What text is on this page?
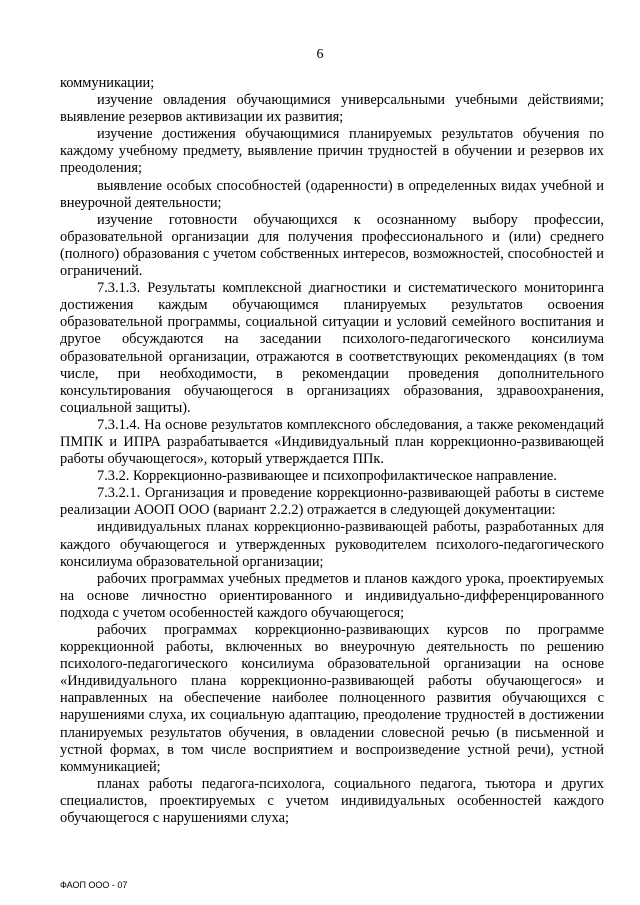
6

коммуникации;

изучение овладения обучающимися универсальными учебными действиями; выявление резервов активизации их развития;

изучение достижения обучающимися планируемых результатов обучения по каждому учебному предмету, выявление причин трудностей в обучении и резервов их преодоления;

выявление особых способностей (одаренности) в определенных видах учебной и внеурочной деятельности;

изучение готовности обучающихся к осознанному выбору профессии, образовательной организации для получения профессионального и (или) среднего (полного) образования с учетом собственных интересов, возможностей, способностей и ограничений.

7.3.1.3. Результаты комплексной диагностики и систематического мониторинга достижения каждым обучающимся планируемых результатов освоения образовательной программы, социальной ситуации и условий семейного воспитания и другое обсуждаются на заседании психолого-педагогического консилиума образовательной организации, отражаются в соответствующих рекомендациях (в том числе, при необходимости, в рекомендации проведения дополнительного консультирования обучающегося в организациях образования, здравоохранения, социальной защиты).

7.3.1.4. На основе результатов комплексного обследования, а также рекомендаций ПМПК и ИПРА разрабатывается «Индивидуальный план коррекционно-развивающей работы обучающегося», который утверждается ППк.

7.3.2. Коррекционно-развивающее и психопрофилактическое направление.

7.3.2.1. Организация и проведение коррекционно-развивающей работы в системе реализации АООП ООО (вариант 2.2.2) отражается в следующей документации:

индивидуальных планах коррекционно-развивающей работы, разработанных для каждого обучающегося и утвержденных руководителем психолого-педагогического консилиума образовательной организации;

рабочих программах учебных предметов и планов каждого урока, проектируемых на основе личностно ориентированного и индивидуально-дифференцированного подхода с учетом особенностей каждого обучающегося;

рабочих программах коррекционно-развивающих курсов по программе коррекционной работы, включенных во внеурочную деятельность по решению психолого-педагогического консилиума образовательной организации на основе «Индивидуального плана коррекционно-развивающей работы обучающегося» и направленных на обеспечение наиболее полноценного развития обучающихся с нарушениями слуха, их социальную адаптацию, преодоление трудностей в достижении планируемых результатов обучения, в овладении словесной речью (в письменной и устной формах, в том числе восприятием и воспроизведение устной речи), устной коммуникацией;

планах работы педагога-психолога, социального педагога, тьютора и других специалистов, проектируемых с учетом индивидуальных особенностей каждого обучающегося с нарушениями слуха;

ФАОП ООО - 07
